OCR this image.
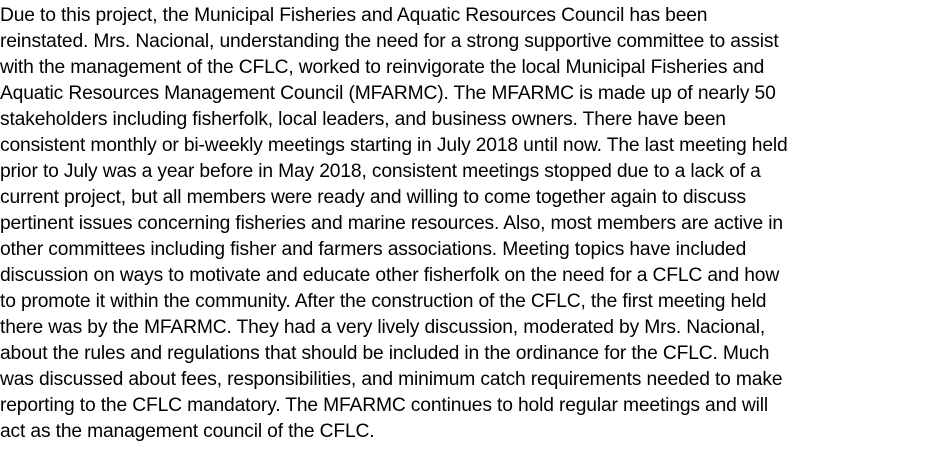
Due to this project, the Municipal Fisheries and Aquatic Resources Council has been
reinstated. Mrs. Nacional, understanding the need for a strong supportive committee to assist
with the management of the CFLC, worked to reinvigorate the local Municipal Fisheries and
Aquatic Resources Management Council (MFARMC). The MFARMC is made up of nearly 50
stakeholders including fisherfolk, local leaders, and business owners. There have been
consistent monthly or bi-weekly meetings starting in July 2018 until now. The last meeting held
prior to July was a year before in May 2018, consistent meetings stopped due to a lack of a
current project, but all members were ready and willing to come together again to discuss
pertinent issues concerning fisheries and marine resources. Also, most members are active in
other committees including fisher and farmers associations. Meeting topics have included
discussion on ways to motivate and educate other fisherfolk on the need for a CFLC and how
to promote it within the community. After the construction of the CFLC, the first meeting held
there was by the MFARMC. They had a very lively discussion, moderated by Mrs. Nacional,
about the rules and regulations that should be included in the ordinance for the CFLC. Much
was discussed about fees, responsibilities, and minimum catch requirements needed to make
reporting to the CFLC mandatory. The MFARMC continues to hold regular meetings and will
act as the management council of the CFLC.
